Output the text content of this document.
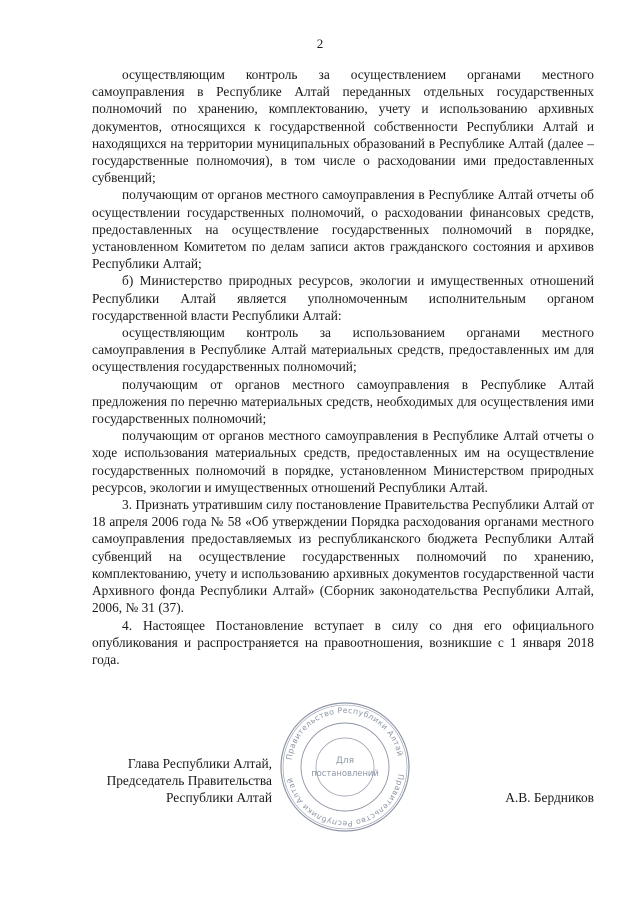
2

осуществляющим контроль за осуществлением органами местного самоуправления в Республике Алтай переданных отдельных государственных полномочий по хранению, комплектованию, учету и использованию архивных документов, относящихся к государственной собственности Республики Алтай и находящихся на территории муниципальных образований в Республике Алтай (далее – государственные полномочия), в том числе о расходовании ими предоставленных субвенций;

получающим от органов местного самоуправления в Республике Алтай отчеты об осуществлении государственных полномочий, о расходовании финансовых средств, предоставленных на осуществление государственных полномочий в порядке, установленном Комитетом по делам записи актов гражданского состояния и архивов Республики Алтай;

б) Министерство природных ресурсов, экологии и имущественных отношений Республики Алтай является уполномоченным исполнительным органом государственной власти Республики Алтай:

осуществляющим контроль за использованием органами местного самоуправления в Республике Алтай материальных средств, предоставленных им для осуществления государственных полномочий;

получающим от органов местного самоуправления в Республике Алтай предложения по перечню материальных средств, необходимых для осуществления ими государственных полномочий;

получающим от органов местного самоуправления в Республике Алтай отчеты о ходе использования материальных средств, предоставленных им на осуществление государственных полномочий в порядке, установленном Министерством природных ресурсов, экологии и имущественных отношений Республики Алтай.

3. Признать утратившим силу постановление Правительства Республики Алтай от 18 апреля 2006 года № 58 «Об утверждении Порядка расходования органами местного самоуправления предоставляемых из республиканского бюджета Республики Алтай субвенций на осуществление государственных полномочий по хранению, комплектованию, учету и использованию архивных документов государственной части Архивного фонда Республики Алтай» (Сборник законодательства Республики Алтай, 2006, № 31 (37).

4. Настоящее Постановление вступает в силу со дня его официального опубликования и распространяется на правоотношения, возникшие с 1 января 2018 года.

Глава Республики Алтай,
Председатель Правительства
Республики Алтай	А.В. Бердников
Правительство Республики Алтай
Правительство Республики Алтай
Для
постановлений
